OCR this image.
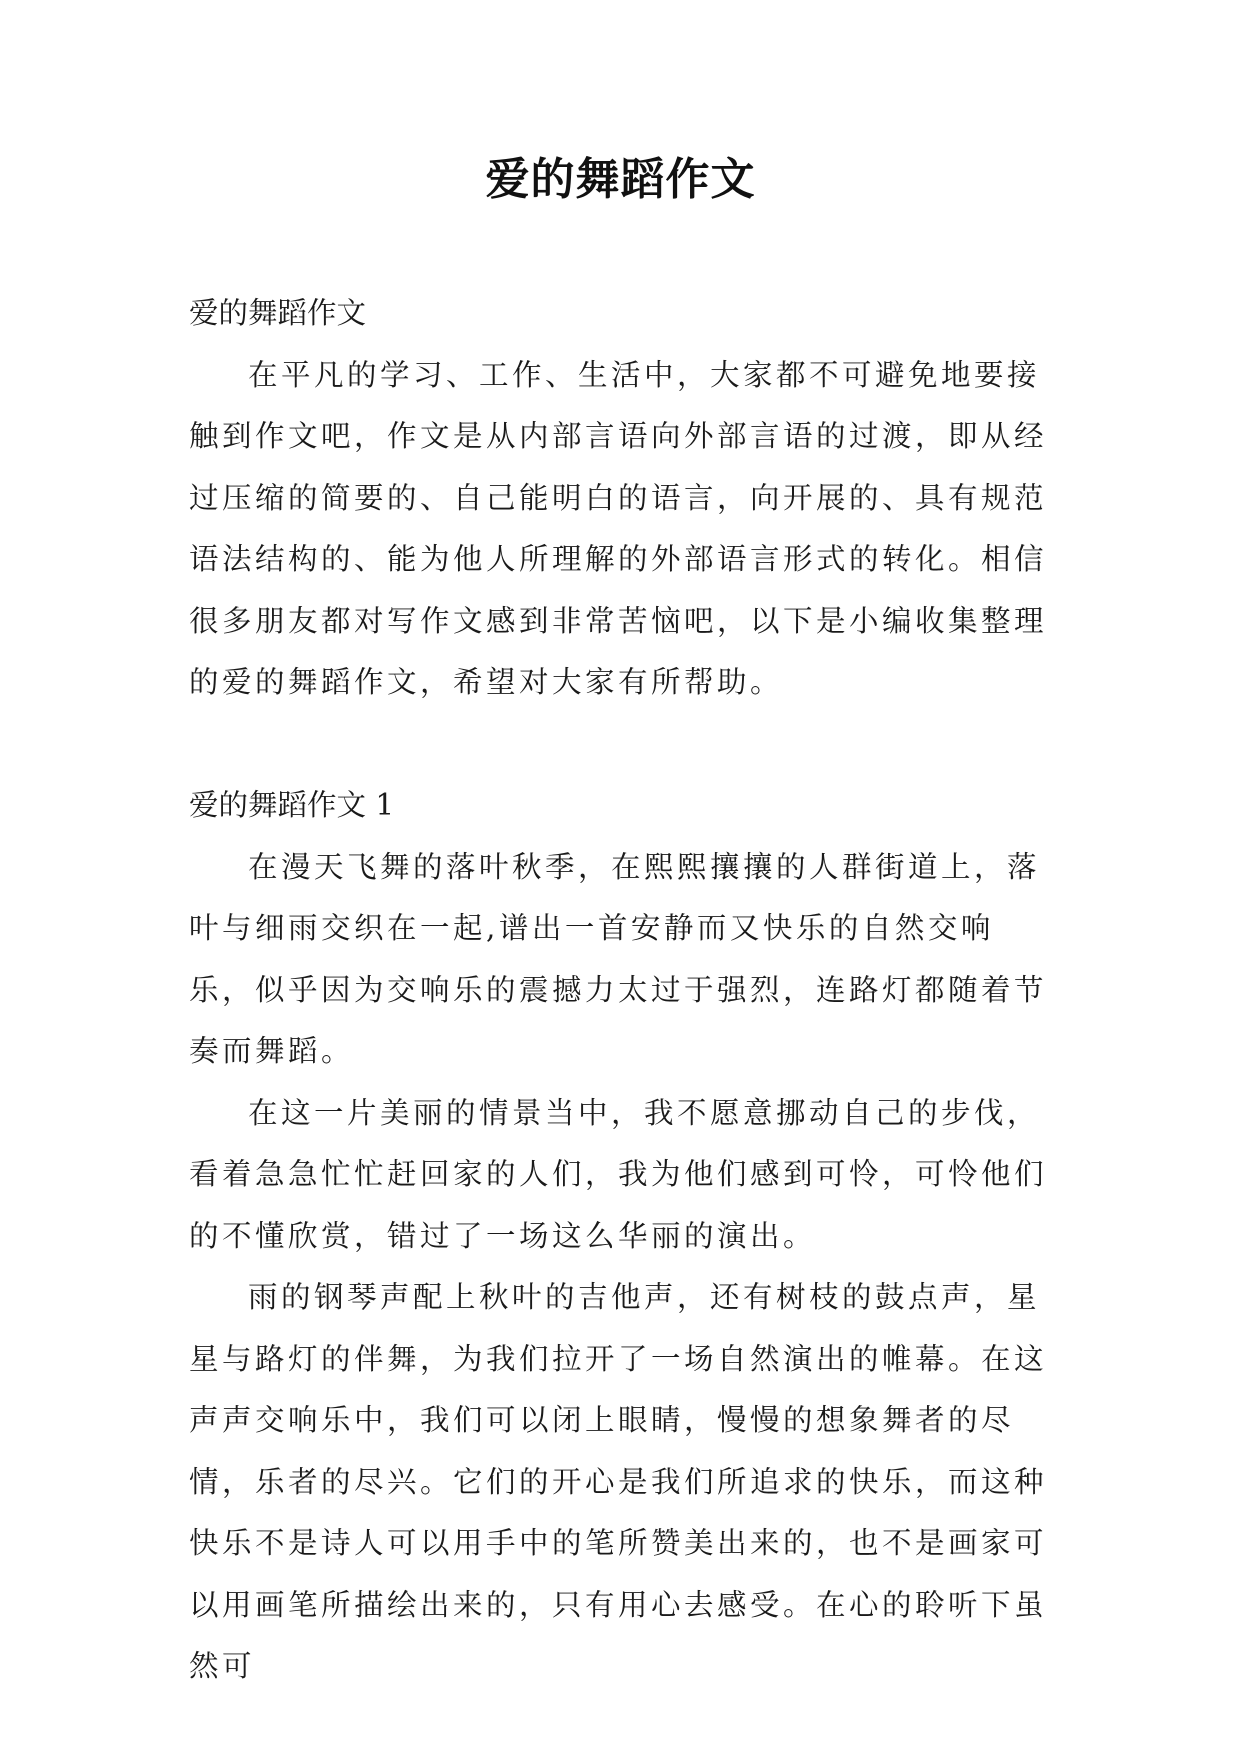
爱的舞蹈作文

爱的舞蹈作文

在平凡的学习、工作、生活中，大家都不可避免地要接触到作文吧，作文是从内部言语向外部言语的过渡，即从经过压缩的简要的、自己能明白的语言，向开展的、具有规范语法结构的、能为他人所理解的外部语言形式的转化。相信很多朋友都对写作文感到非常苦恼吧，以下是小编收集整理的爱的舞蹈作文，希望对大家有所帮助。

爱的舞蹈作文 1

在漫天飞舞的落叶秋季，在熙熙攘攘的人群街道上，落叶与细雨交织在一起,谱出一首安静而又快乐的自然交响乐，似乎因为交响乐的震撼力太过于强烈，连路灯都随着节奏而舞蹈。

在这一片美丽的情景当中，我不愿意挪动自己的步伐，看着急急忙忙赶回家的人们，我为他们感到可怜，可怜他们的不懂欣赏，错过了一场这么华丽的演出。

雨的钢琴声配上秋叶的吉他声，还有树枝的鼓点声，星星与路灯的伴舞，为我们拉开了一场自然演出的帷幕。在这声声交响乐中，我们可以闭上眼睛，慢慢的想象舞者的尽情，乐者的尽兴。它们的开心是我们所追求的快乐，而这种快乐不是诗人可以用手中的笔所赞美出来的，也不是画家可以用画笔所描绘出来的，只有用心去感受。在心的聆听下虽然可
